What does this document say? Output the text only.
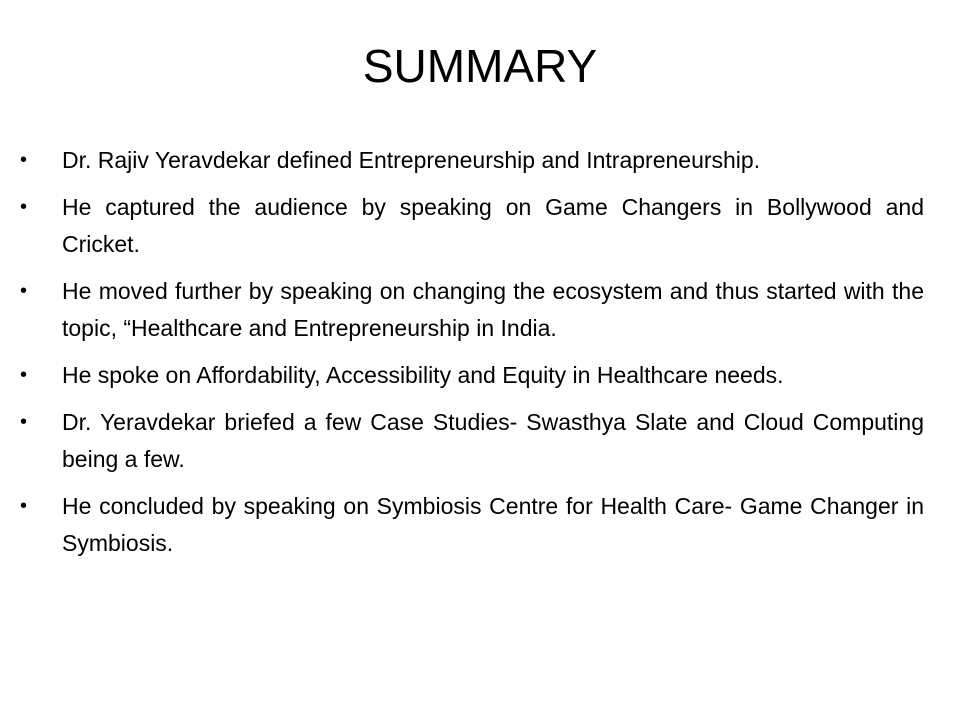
SUMMARY
•	Dr. Rajiv Yeravdekar defined Entrepreneurship and Intrapreneurship.
•	He captured the audience by speaking on Game Changers in Bollywood and Cricket.
•	He moved further by speaking on changing the ecosystem and thus started with the topic, “Healthcare and Entrepreneurship in India.
•	He spoke on Affordability, Accessibility and Equity in Healthcare needs.
•	Dr. Yeravdekar briefed a few Case Studies- Swasthya Slate and Cloud Computing being a few.
•	He concluded by speaking on Symbiosis Centre for Health Care- Game Changer in Symbiosis.
